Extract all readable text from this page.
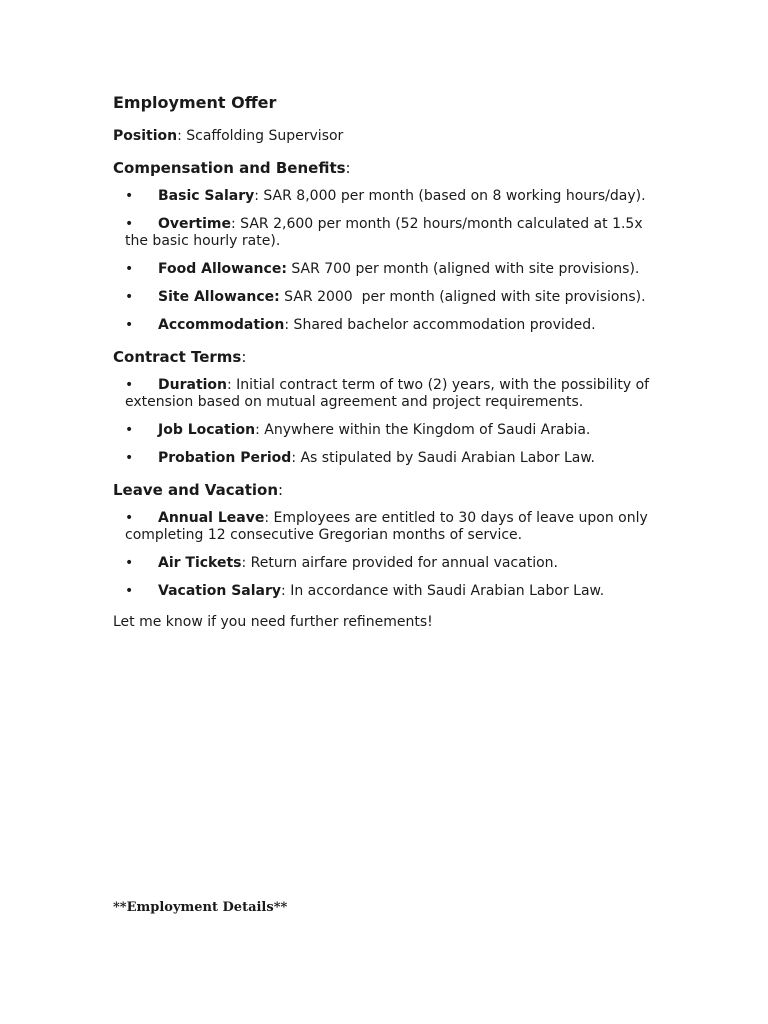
Employment Offer
Position: Scaffolding Supervisor
Compensation and Benefits:
• Basic Salary: SAR 8,000 per month (based on 8 working hours/day).
• Overtime: SAR 2,600 per month (52 hours/month calculated at 1.5x the basic hourly rate).
• Food Allowance: SAR 700 per month (aligned with site provisions).
• Site Allowance: SAR 2000  per month (aligned with site provisions).
• Accommodation: Shared bachelor accommodation provided.
Contract Terms:
• Duration: Initial contract term of two (2) years, with the possibility of extension based on mutual agreement and project requirements.
• Job Location: Anywhere within the Kingdom of Saudi Arabia.
• Probation Period: As stipulated by Saudi Arabian Labor Law.
Leave and Vacation:
• Annual Leave: Employees are entitled to 30 days of leave upon only completing 12 consecutive Gregorian months of service.
• Air Tickets: Return airfare provided for annual vacation.
• Vacation Salary: In accordance with Saudi Arabian Labor Law.
Let me know if you need further refinements!
**Employment Details**
